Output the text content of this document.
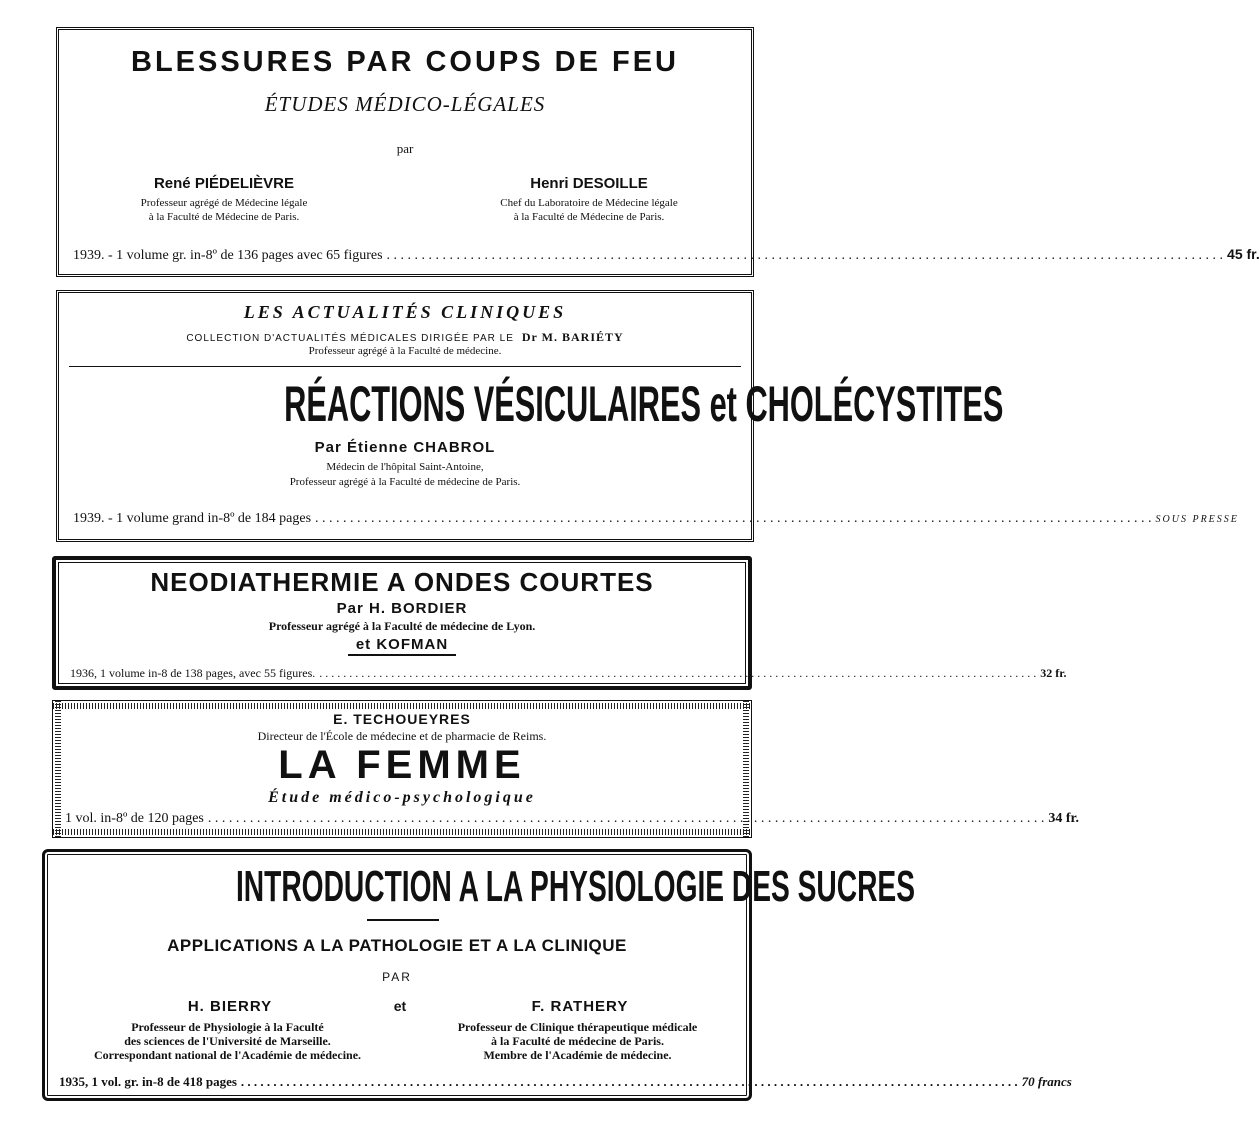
BLESSURES PAR COUPS DE FEU
ÉTUDES MÉDICO-LÉGALES
par
René PIÉDELIÈVRE
Professeur agrégé de Médecine légale
à la Faculté de Médecine de Paris.
Henri DESOILLE
Chef du Laboratoire de Médecine légale
à la Faculté de Médecine de Paris.
1939. - 1 volume gr. in-8º de 136 pages avec 65 figures . . .	45 fr.
LES ACTUALITÉS CLINIQUES
COLLECTION D'ACTUALITÉS MÉDICALES DIRIGÉE PAR LE Dr M. BARIÉTY
Professeur agrégé à la Faculté de médecine.
RÉACTIONS VÉSICULAIRES et CHOLÉCYSTITES
Par Étienne CHABROL
Médecin de l'hôpital Saint-Antoine,
Professeur agrégé à la Faculté de médecine de Paris.
1939. - 1 volume grand in-8º de 184 pages . . .	SOUS PRESSE
NEODIATHERMIE A ONDES COURTES
Par H. BORDIER
Professeur agrégé à la Faculté de médecine de Lyon.
et KOFMAN
1936, 1 volume in-8 de 138 pages, avec 55 figures. . . .	32 fr.
E. TECHOUEYRES
Directeur de l'École de médecine et de pharmacie de Reims.
LA FEMME
Étude médico-psychologique
1 vol. in-8º de 120 pages . . .	34 fr.
INTRODUCTION A LA PHYSIOLOGIE DES SUCRES
APPLICATIONS A LA PATHOLOGIE ET A LA CLINIQUE
PAR
H. BIERRY	et	F. RATHERY
Professeur de Physiologie à la Faculté
des sciences de l'Université de Marseille.
Correspondant national de l'Académie de médecine.
Professeur de Clinique thérapeutique médicale
à la Faculté de médecine de Paris.
Membre de l'Académie de médecine.
1935, 1 vol. gr. in-8 de 418 pages . . .	70 francs
